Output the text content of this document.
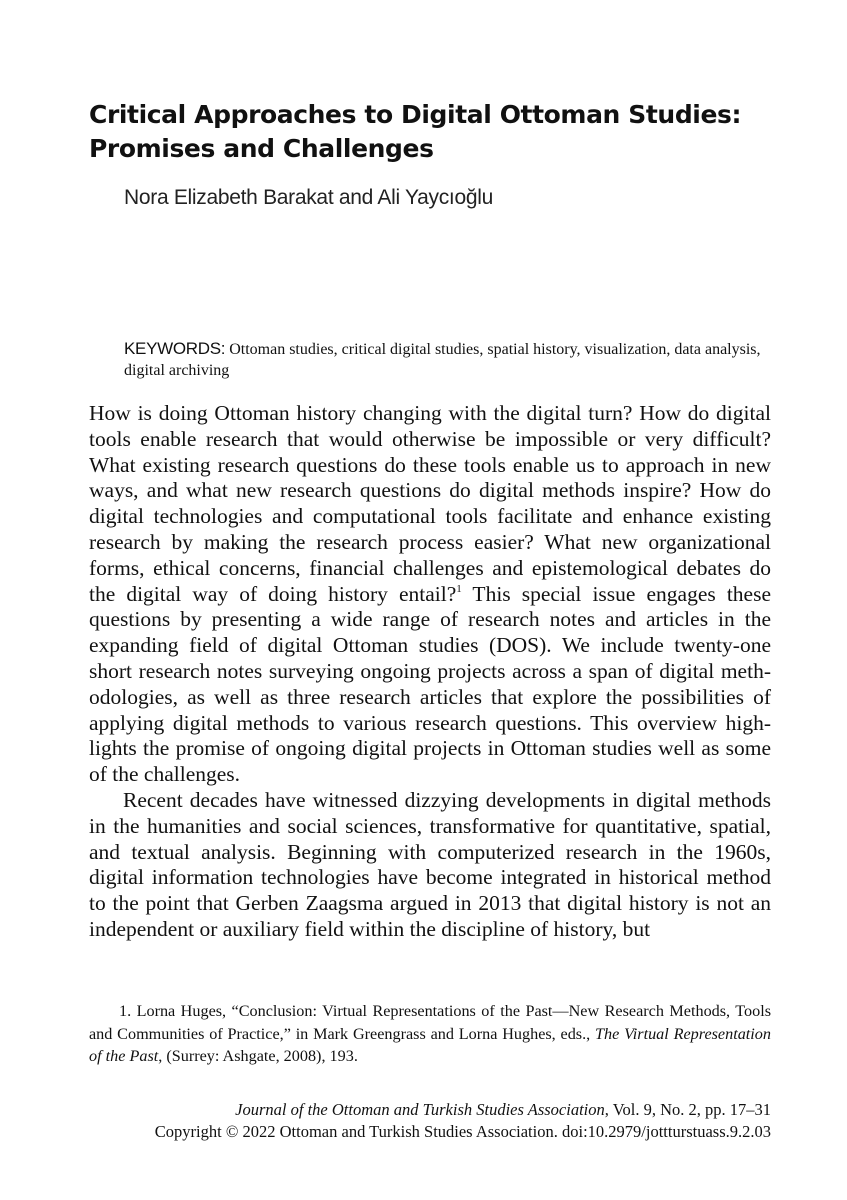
Critical Approaches to Digital Ottoman Studies:
Promises and Challenges
Nora Elizabeth Barakat and Ali Yaycıoğlu
KEYWORDS: Ottoman studies, critical digital studies, spatial history, visualization, data analysis, digital archiving

How is doing Ottoman history changing with the digital turn? How do digital tools enable research that would otherwise be impossible or very difficult? What existing research questions do these tools enable us to approach in new ways, and what new research questions do digital methods inspire? How do digital technologies and computational tools facilitate and enhance existing research by making the research process easier? What new organizational forms, ethical concerns, financial challenges and epistemological debates do the digital way of doing history entail?$^1$ This special issue engages these questions by presenting a wide range of research notes and articles in the expanding field of digital Ottoman studies (DOS). We include twenty-one short research notes surveying ongoing projects across a span of digital methodologies, as well as three research articles that explore the possibilities of applying digital methods to various research questions. This overview highlights the promise of ongoing digital projects in Ottoman studies well as some of the challenges.

Recent decades have witnessed dizzying developments in digital methods in the humanities and social sciences, transformative for quantitative, spatial, and textual analysis. Beginning with computerized research in the 1960s, digital information technologies have become integrated in historical method to the point that Gerben Zaagsma argued in 2013 that digital history is not an independent or auxiliary field within the discipline of history, but

1. Lorna Huges, “Conclusion: Virtual Representations of the Past—New Research Methods, Tools and Communities of Practice,” in Mark Greengrass and Lorna Hughes, eds., The Virtual Representation of the Past, (Surrey: Ashgate, 2008), 193.

Journal of the Ottoman and Turkish Studies Association, Vol. 9, No. 2, pp. 17–31
Copyright © 2022 Ottoman and Turkish Studies Association. doi:10.2979/jottturstuass.9.2.03
